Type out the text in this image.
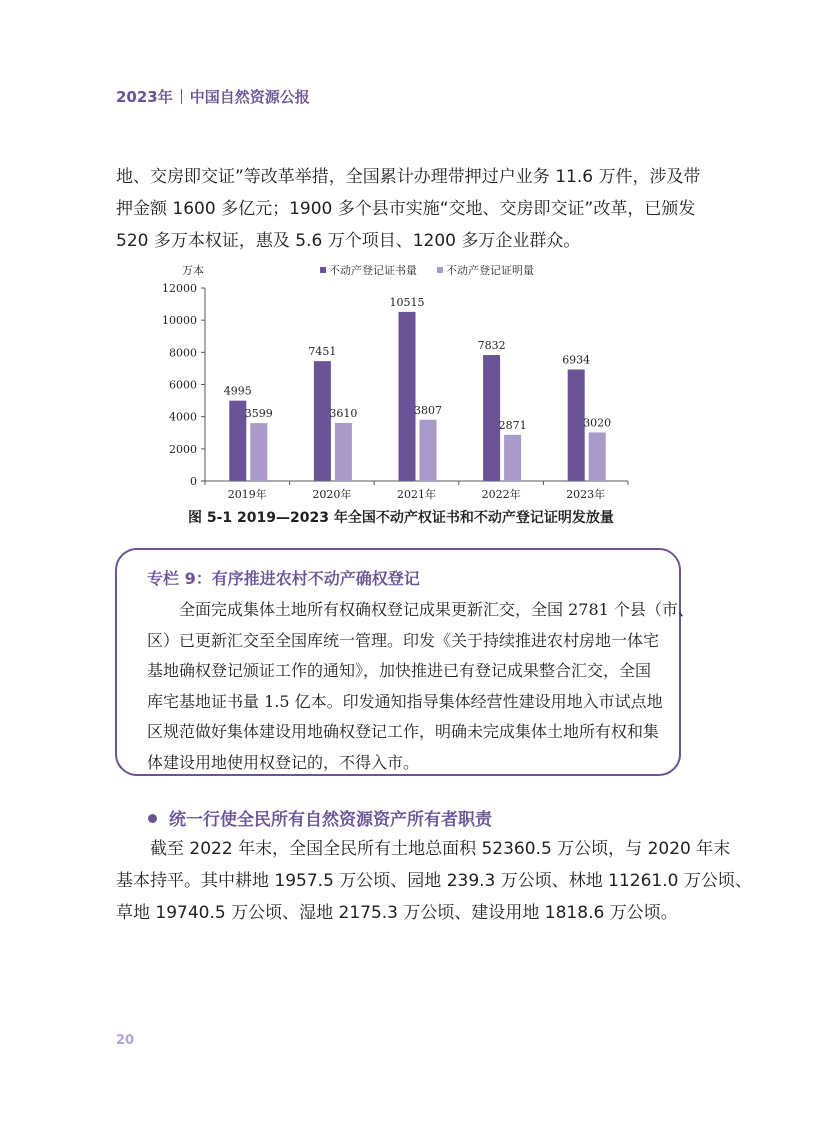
2023年 中国自然资源公报

地、交房即交证”等改革举措，全国累计办理带押过户业务 11.6 万件，涉及带

押金额 1600 多亿元；1900 多个县市实施“交地、交房即交证”改革，已颁发

520 多万本权证，惠及 5.6 万个项目、1200 多万企业群众。

万本	不动产登记证书量	不动产登记证明量
0
2000
4000
6000
8000
10000
12000
2019年
4995
3599
2020年
7451
3610
2021年
10515
3807
2022年
7832
2871
2023年
6934
3020
图 5-1 2019—2023 年全国不动产权证书和不动产登记证明发放量
专栏 9：有序推进农村不动产确权登记

全面完成集体土地所有权确权登记成果更新汇交，全国 2781 个县（市、

区）已更新汇交至全国库统一管理。印发《关于持续推进农村房地一体宅

基地确权登记颁证工作的通知》，加快推进已有登记成果整合汇交，全国

库宅基地证书量 1.5 亿本。印发通知指导集体经营性建设用地入市试点地

区规范做好集体建设用地确权登记工作，明确未完成集体土地所有权和集

体建设用地使用权登记的，不得入市。

统一行使全民所有自然资源资产所有者职责

截至 2022 年末，全国全民所有土地总面积 52360.5 万公顷，与 2020 年末

基本持平。其中耕地 1957.5 万公顷、园地 239.3 万公顷、林地 11261.0 万公顷、

草地 19740.5 万公顷、湿地 2175.3 万公顷、建设用地 1818.6 万公顷。

20
